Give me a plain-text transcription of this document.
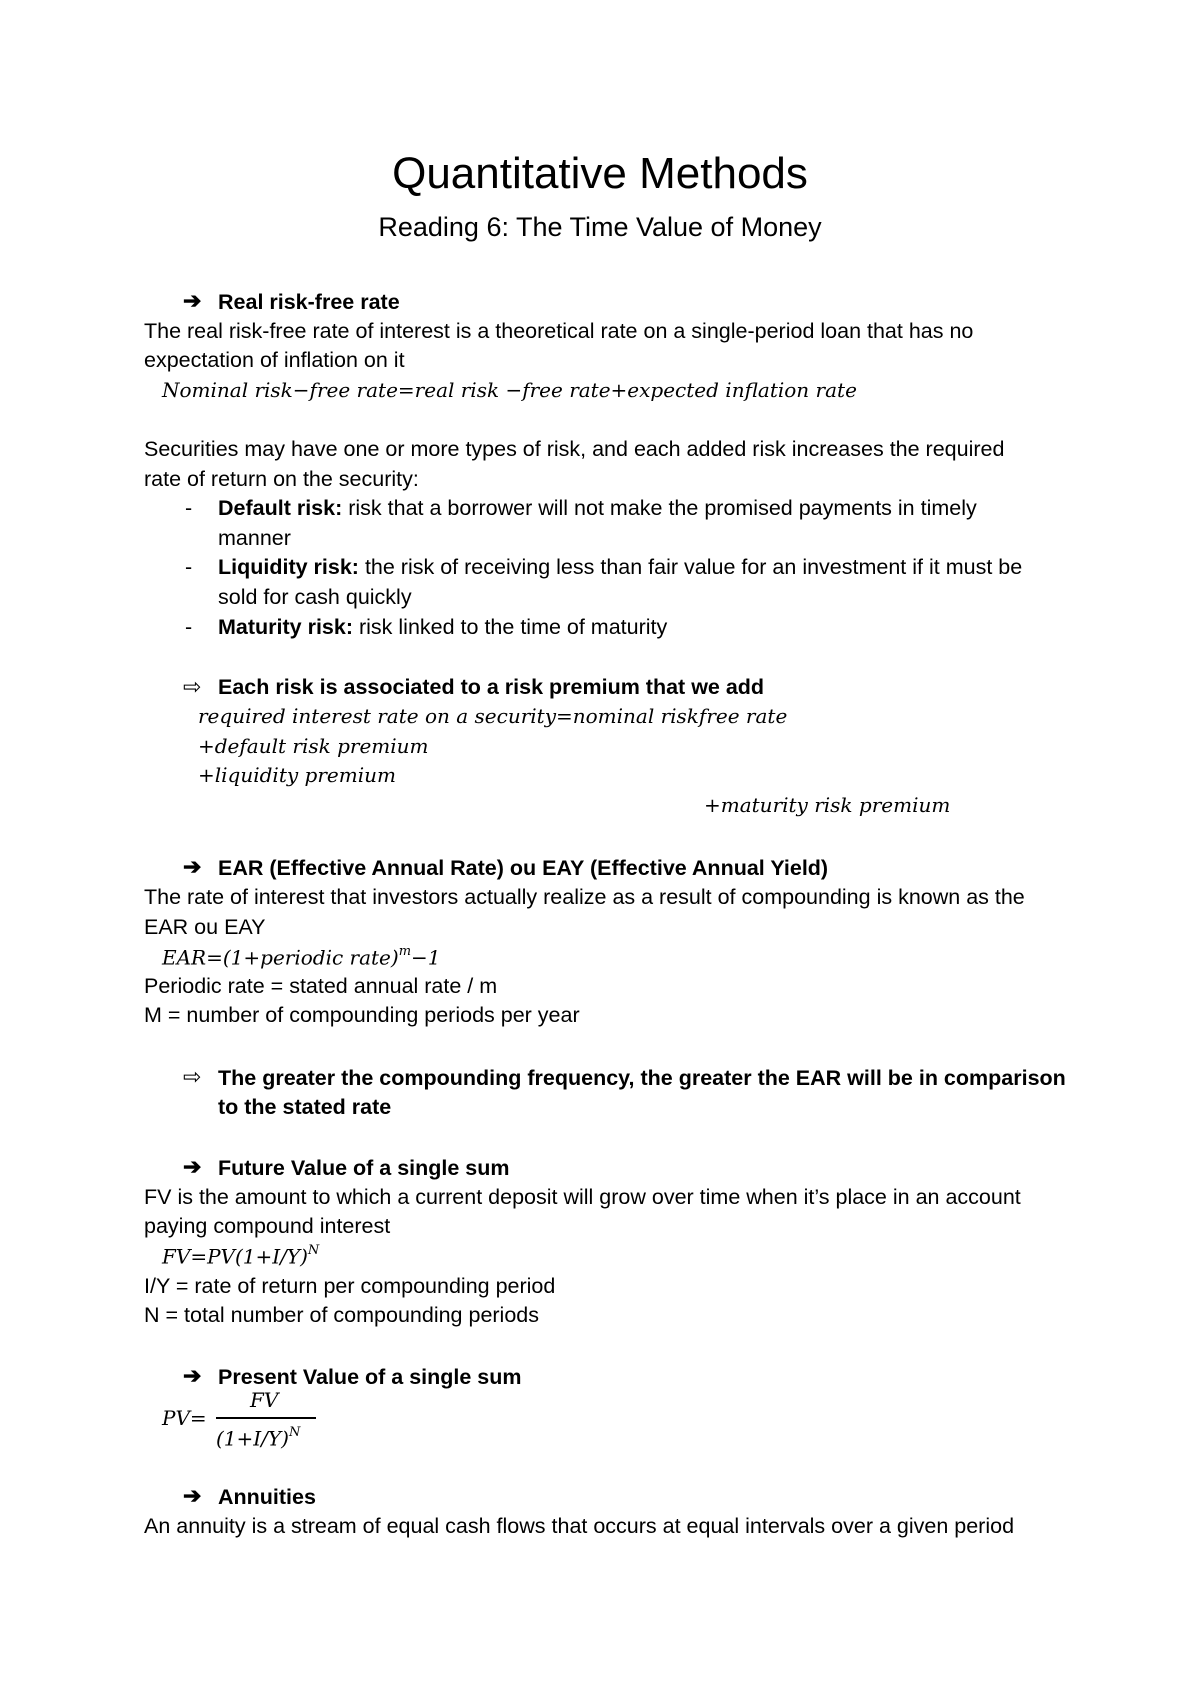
Quantitative Methods
Reading 6: The Time Value of Money
➔ Real risk-free rate
The real risk-free rate of interest is a theoretical rate on a single-period loan that has no
expectation of inflation on it
Nominal risk−free rate=real risk −free rate+expected inflation rate
Securities may have one or more types of risk, and each added risk increases the required
rate of return on the security:
- Default risk: risk that a borrower will not make the promised payments in timely
manner
- Liquidity risk: the risk of receiving less than fair value for an investment if it must be
sold for cash quickly
- Maturity risk: risk linked to the time of maturity
⇨ Each risk is associated to a risk premium that we add
required interest rate on a security=nominal riskfree rate
+default risk premium
+liquidity premium
+maturity risk premium
➔ EAR (Effective Annual Rate) ou EAY (Effective Annual Yield)
The rate of interest that investors actually realize as a result of compounding is known as the
EAR ou EAY
EAR=(1+periodic rate)$^m$−1
Periodic rate = stated annual rate / m
M = number of compounding periods per year
⇨ The greater the compounding frequency, the greater the EAR will be in comparison
to the stated rate
➔ Future Value of a single sum
FV is the amount to which a current deposit will grow over time when it’s place in an account
paying compound interest
$FV=PV(1+I/Y)^N$
I/Y = rate of return per compounding period
N = total number of compounding periods
➔ Present Value of a single sum
PV=
FV
$(1+I/Y)^N$
➔ Annuities
An annuity is a stream of equal cash flows that occurs at equal intervals over a given period
